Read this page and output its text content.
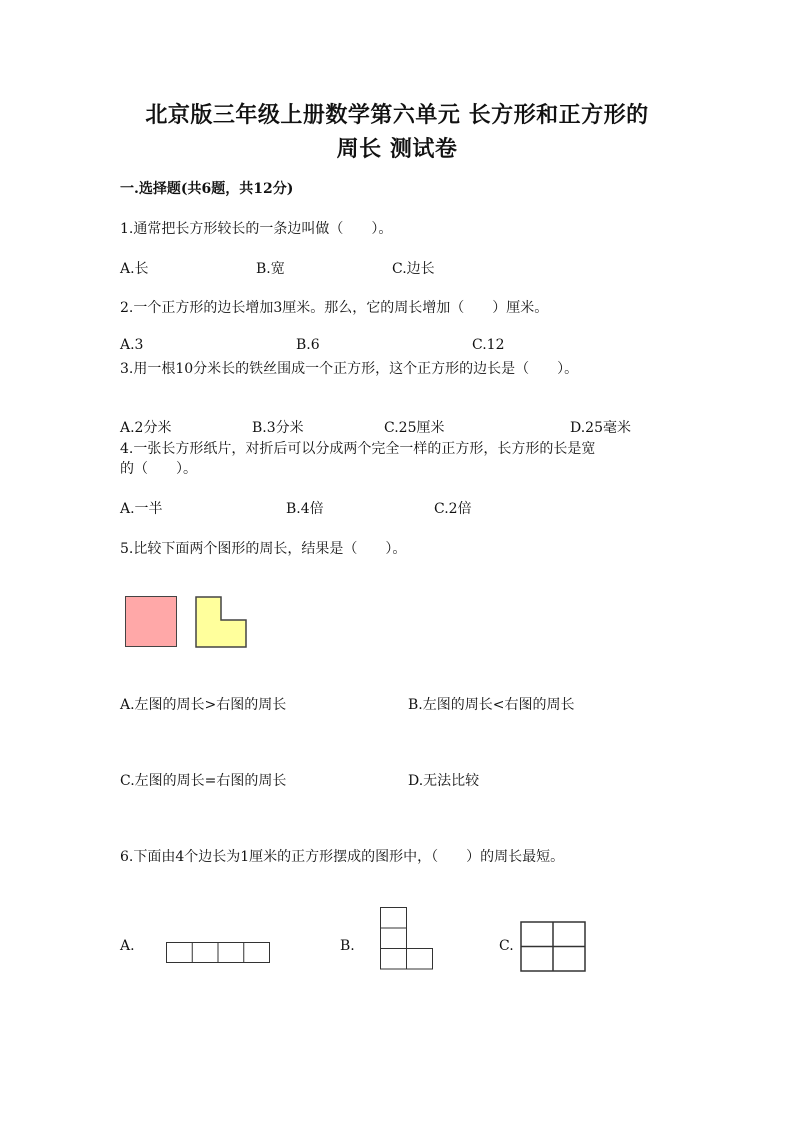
北京版三年级上册数学第六单元 长方形和正方形的
周长 测试卷
一.选择题(共6题，共12分)
1.通常把长方形较长的一条边叫做（　　）。
A.长	B.宽	C.边长
2.一个正方形的边长增加3厘米。那么，它的周长增加（　　）厘米。
A.3	B.6	C.12
3.用一根10分米长的铁丝围成一个正方形，这个正方形的边长是（　　）。
A.2分米	B.3分米	C.25厘米	D.25毫米
4.一张长方形纸片，对折后可以分成两个完全一样的正方形，长方形的长是宽
的（　　）。
A.一半	B.4倍	C.2倍
5.比较下面两个图形的周长，结果是（　　）。
A.左图的周长>右图的周长	B.左图的周长<右图的周长
C.左图的周长=右图的周长	D.无法比较
6.下面由4个边长为1厘米的正方形摆成的图形中，（　　）的周长最短。
A.	B.	C.
